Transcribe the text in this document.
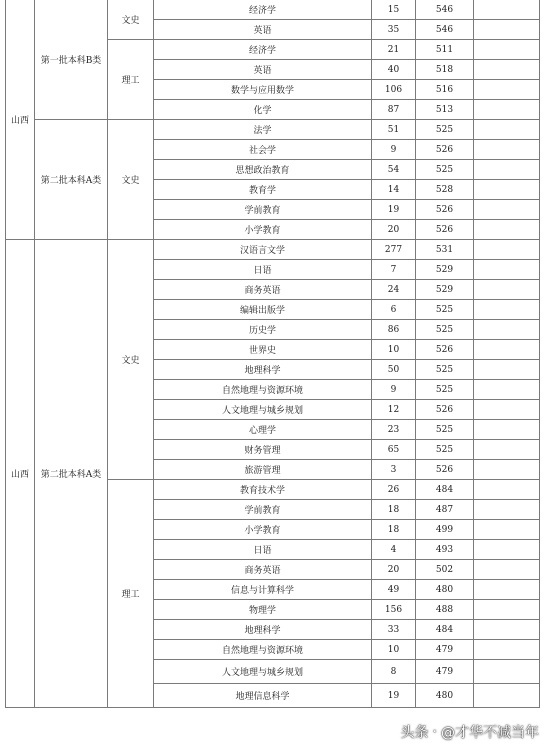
山西	第一批本科B类	文史	经济学	15	546	
			英语	35	546	
		理工	经济学	21	511	
			英语	40	518	
			数学与应用数学	106	516	
			化学	87	513	
	第二批本科A类	文史	法学	51	525	
			社会学	9	526	
			思想政治教育	54	525	
			教育学	14	528	
			学前教育	19	526	
			小学教育	20	526	
山西	第二批本科A类	文史	汉语言文学	277	531	
			日语	7	529	
			商务英语	24	529	
			编辑出版学	6	525	
			历史学	86	525	
			世界史	10	526	
			地理科学	50	525	
			自然地理与资源环境	9	525	
			人文地理与城乡规划	12	526	
			心理学	23	525	
			财务管理	65	525	
			旅游管理	3	526	
		理工	教育技术学	26	484	
			学前教育	18	487	
			小学教育	18	499	
			日语	4	493	
			商务英语	20	502	
			信息与计算科学	49	480	
			物理学	156	488	
			地理科学	33	484	
			自然地理与资源环境	10	479	
			人文地理与城乡规划	8	479	
			地理信息科学	19	480	
头条 · @才华不减当年
